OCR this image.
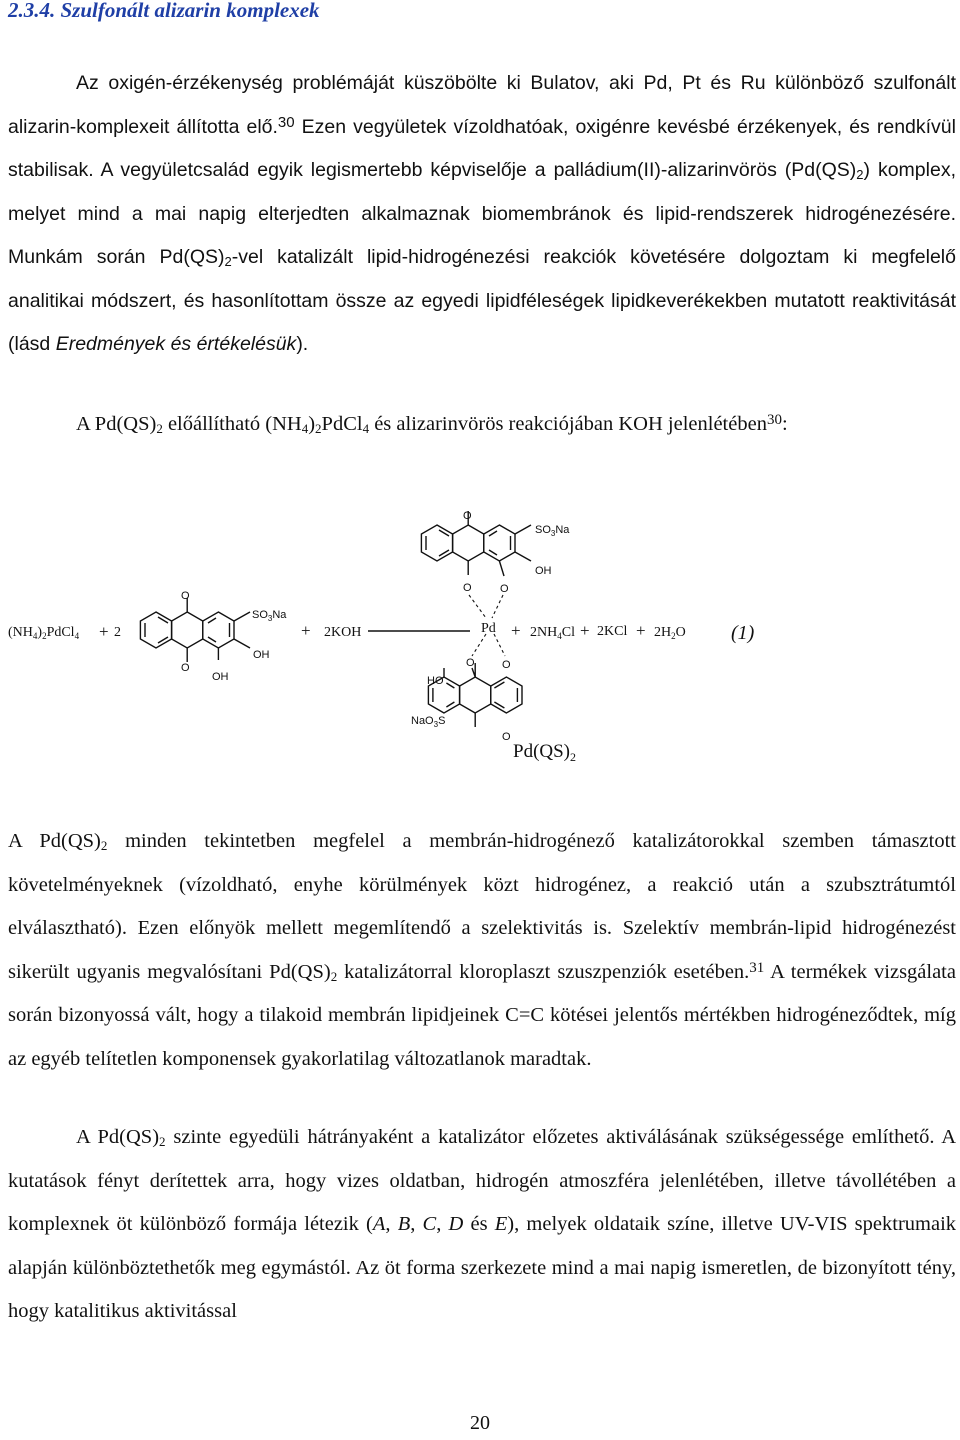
2.3.4. Szulfonált alizarin komplexek

Az oxigén-érzékenység problémáját küszöbölte ki Bulatov, aki Pd, Pt és Ru különböző szulfonált alizarin-komplexeit állította elő.$^{30}$ Ezen vegyületek vízoldhatóak, oxigénre kevésbé érzékenyek, és rendkívül stabilisak. A vegyületcsalád egyik legismertebb képviselője a palládium(II)-alizarinvörös $(Pd(QS)_2)$ komplex, melyet mind a mai napig elterjedten alkalmaznak biomembránok és lipid-rendszerek hidrogénezésére. Munkám során $Pd(QS)_2$-vel katalizált lipid-hidrogénezési reakciók követésére dolgoztam ki megfelelő analitikai módszert, és hasonlítottam össze az egyedi lipidféleségek lipidkeverékekben mutatott reaktivitását (lásd Eredmények és értékelésük).

A $Pd(QS)_2$ előállítható $(NH_4)_2PdCl_4$ és alizarinvörös reakciójában KOH jelenlétében$^{30}$:

O
O
$SO_3Na$
OH
OH
O
O	O
$SO_3Na$
OH
O O
O
HO
NaO$_3$S
$(NH_4)_2PdCl_4 + 2$	+ 2KOH	$Pd + 2NH_4Cl + 2KCl + 2H_2O$ (1)
$Pd(QS)_2$

A $Pd(QS)_2$ minden tekintetben megfelel a membrán-hidrogénező katalizátorokkal szemben támasztott követelményeknek (vízoldható, enyhe körülmények közt hidrogénez, a reakció után a szubsztrátumtól elválasztható). Ezen előnyök mellett megemlítendő a szelektivitás is. Szelektív membrán-lipid hidrogénezést sikerült ugyanis megvalósítani $Pd(QS)_2$ katalizátorral kloroplaszt szuszpenziók esetében.$^{31}$ A termékek vizsgálata során bizonyossá vált, hogy a tilakoid membrán lipidjeinek C=C kötései jelentős mértékben hidrogéneződtek, míg az egyéb telítetlen komponensek gyakorlatilag változatlanok maradtak.

A $Pd(QS)_2$ szinte egyedüli hátrányaként a katalizátor előzetes aktiválásának szükségessége említhető. A kutatások fényt derítettek arra, hogy vizes oldatban, hidrogén atmoszféra jelenlétében, illetve távollétében a komplexnek öt különböző formája létezik (A, B, C, D és E), melyek oldataik színe, illetve UV-VIS spektrumaik alapján különböztethetők meg egymástól. Az öt forma szerkezete mind a mai napig ismeretlen, de bizonyított tény, hogy katalitikus aktivitással

20
